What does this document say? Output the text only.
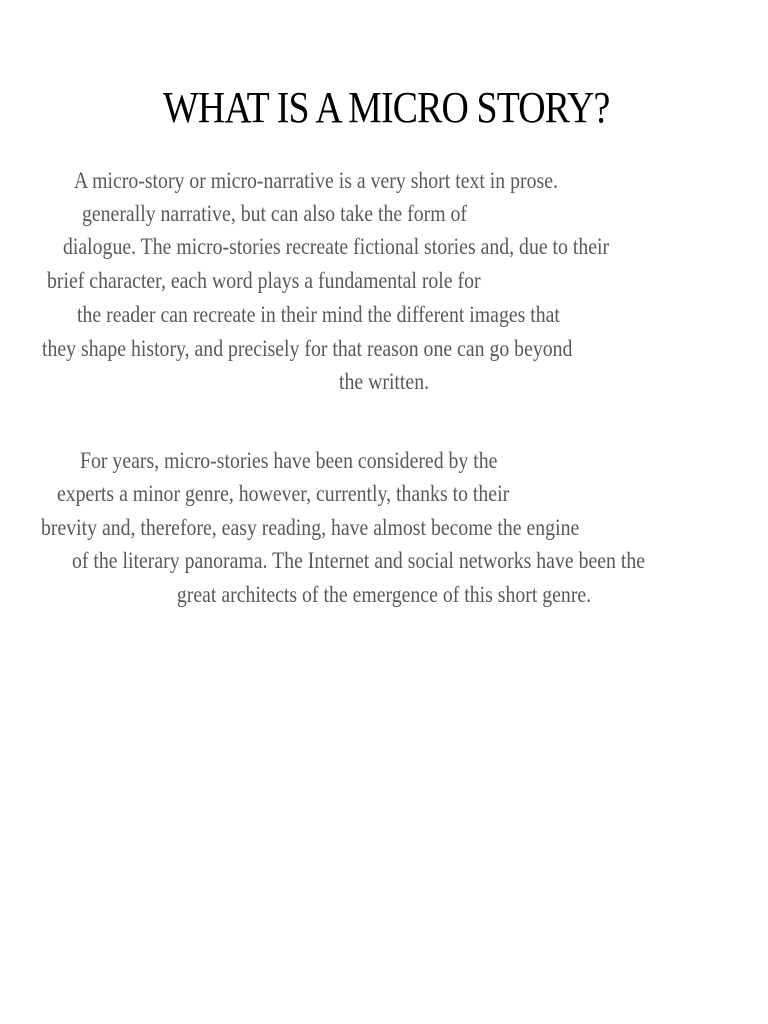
WHAT IS A MICRO STORY?

A micro-story or micro-narrative is a very short text in prose.

generally narrative, but can also take the form of

dialogue. The micro-stories recreate fictional stories and, due to their

brief character, each word plays a fundamental role for

the reader can recreate in their mind the different images that

they shape history, and precisely for that reason one can go beyond

the written.

For years, micro-stories have been considered by the

experts a minor genre, however, currently, thanks to their

brevity and, therefore, easy reading, have almost become the engine

of the literary panorama. The Internet and social networks have been the

great architects of the emergence of this short genre.
